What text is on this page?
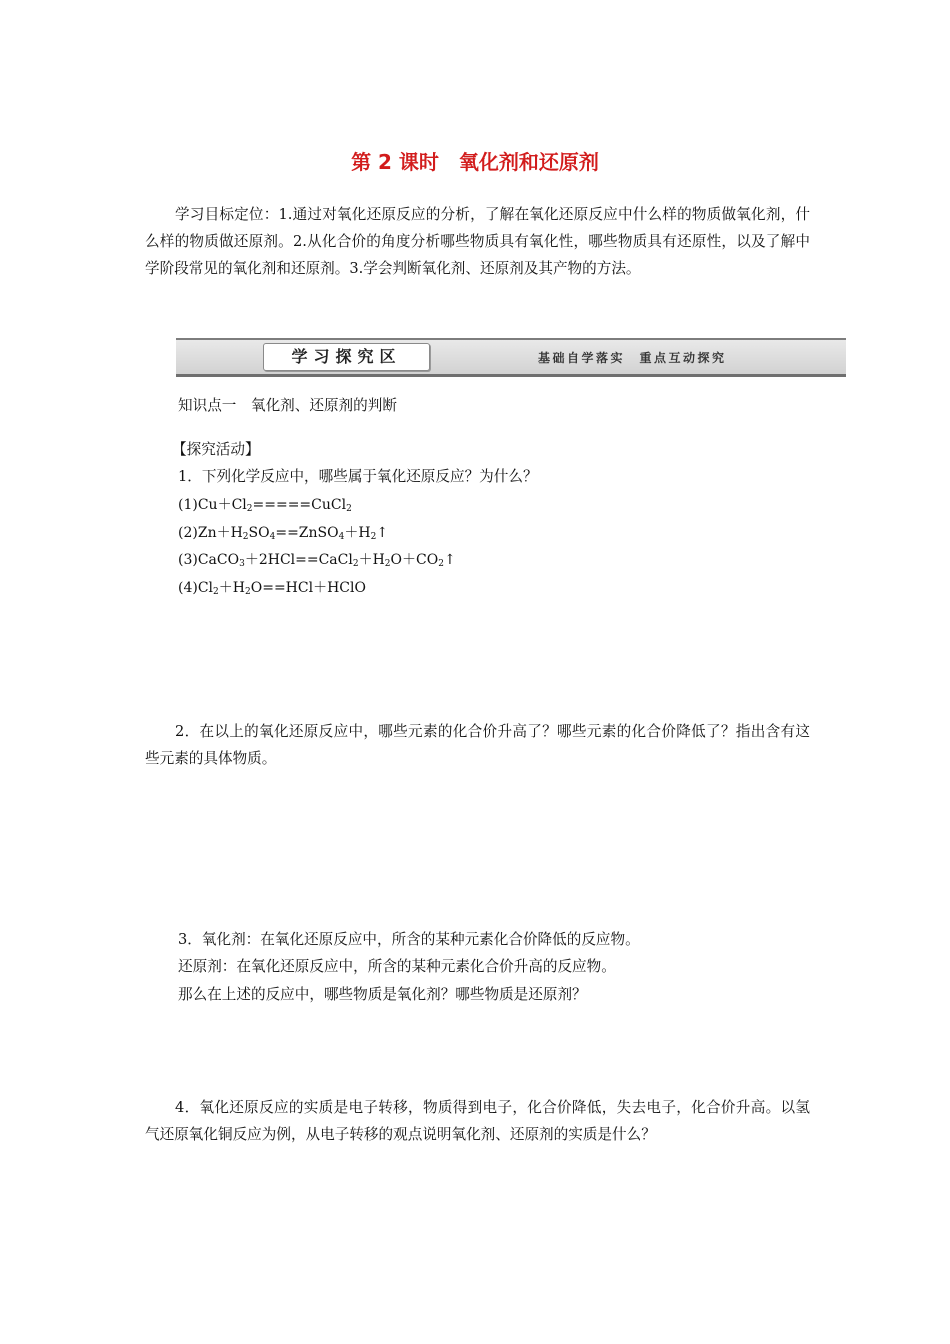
第 2 课时　氧化剂和还原剂
学习目标定位：1.通过对氧化还原反应的分析，了解在氧化还原反应中什么样的物质做氧化剂，什么样的物质做还原剂。2.从化合价的角度分析哪些物质具有氧化性，哪些物质具有还原性，以及了解中学阶段常见的氧化剂和还原剂。3.学会判断氧化剂、还原剂及其产物的方法。
学习探究区	基础自学落实　重点互动探究
知识点一　氧化剂、还原剂的判断
【探究活动】
1．下列化学反应中，哪些属于氧化还原反应？为什么？
$(1)Cu+Cl_2=====CuCl_2$
$(2)Zn+H_2SO_4==ZnSO_4+H_2↑$
$(3)CaCO_3+2HCl==CaCl_2+H_2O+CO_2↑$
$(4)Cl_2+H_2O==HCl+HClO$
2．在以上的氧化还原反应中，哪些元素的化合价升高了？哪些元素的化合价降低了？指出含有这些元素的具体物质。
3．氧化剂：在氧化还原反应中，所含的某种元素化合价降低的反应物。
还原剂：在氧化还原反应中，所含的某种元素化合价升高的反应物。
那么在上述的反应中，哪些物质是氧化剂？哪些物质是还原剂？
4．氧化还原反应的实质是电子转移，物质得到电子，化合价降低，失去电子，化合价升高。以氢气还原氧化铜反应为例，从电子转移的观点说明氧化剂、还原剂的实质是什么？
